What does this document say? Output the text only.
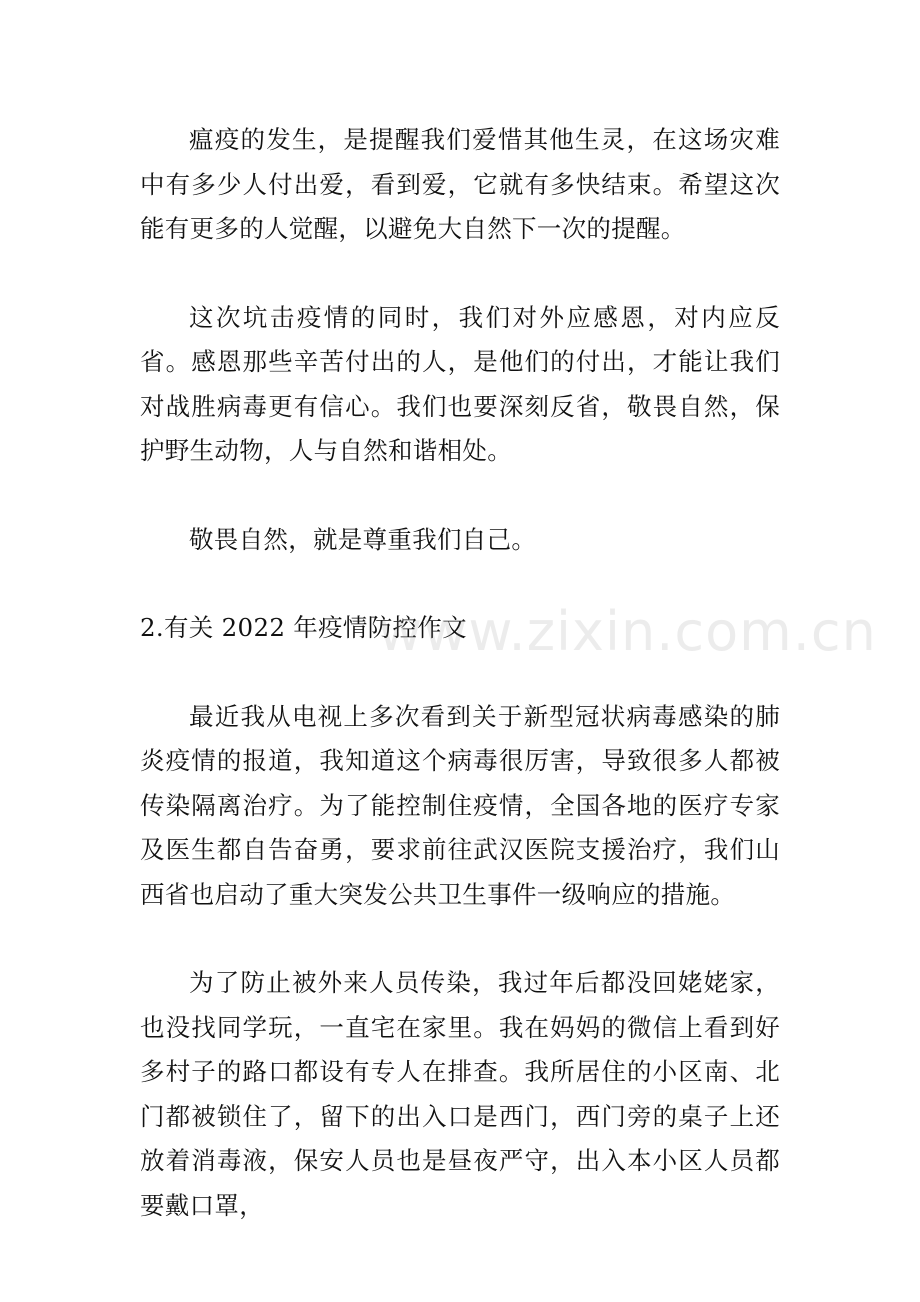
瘟疫的发生，是提醒我们爱惜其他生灵，在这场灾难中有多少人付出爱，看到爱，它就有多快结束。希望这次能有更多的人觉醒，以避免大自然下一次的提醒。

这次坑击疫情的同时，我们对外应感恩，对内应反省。感恩那些辛苦付出的人，是他们的付出，才能让我们对战胜病毒更有信心。我们也要深刻反省，敬畏自然，保护野生动物，人与自然和谐相处。

敬畏自然，就是尊重我们自己。

2.有关 2022 年疫情防控作文

最近我从电视上多次看到关于新型冠状病毒感染的肺炎疫情的报道，我知道这个病毒很厉害，导致很多人都被传染隔离治疗。为了能控制住疫情，全国各地的医疗专家及医生都自告奋勇，要求前往武汉医院支援治疗，我们山西省也启动了重大突发公共卫生事件一级响应的措施。

为了防止被外来人员传染，我过年后都没回姥姥家，也没找同学玩，一直宅在家里。我在妈妈的微信上看到好多村子的路口都设有专人在排查。我所居住的小区南、北门都被锁住了，留下的出入口是西门，西门旁的桌子上还放着消毒液，保安人员也是昼夜严守，出入本小区人员都要戴口罩，

www.zixin.com.cn
